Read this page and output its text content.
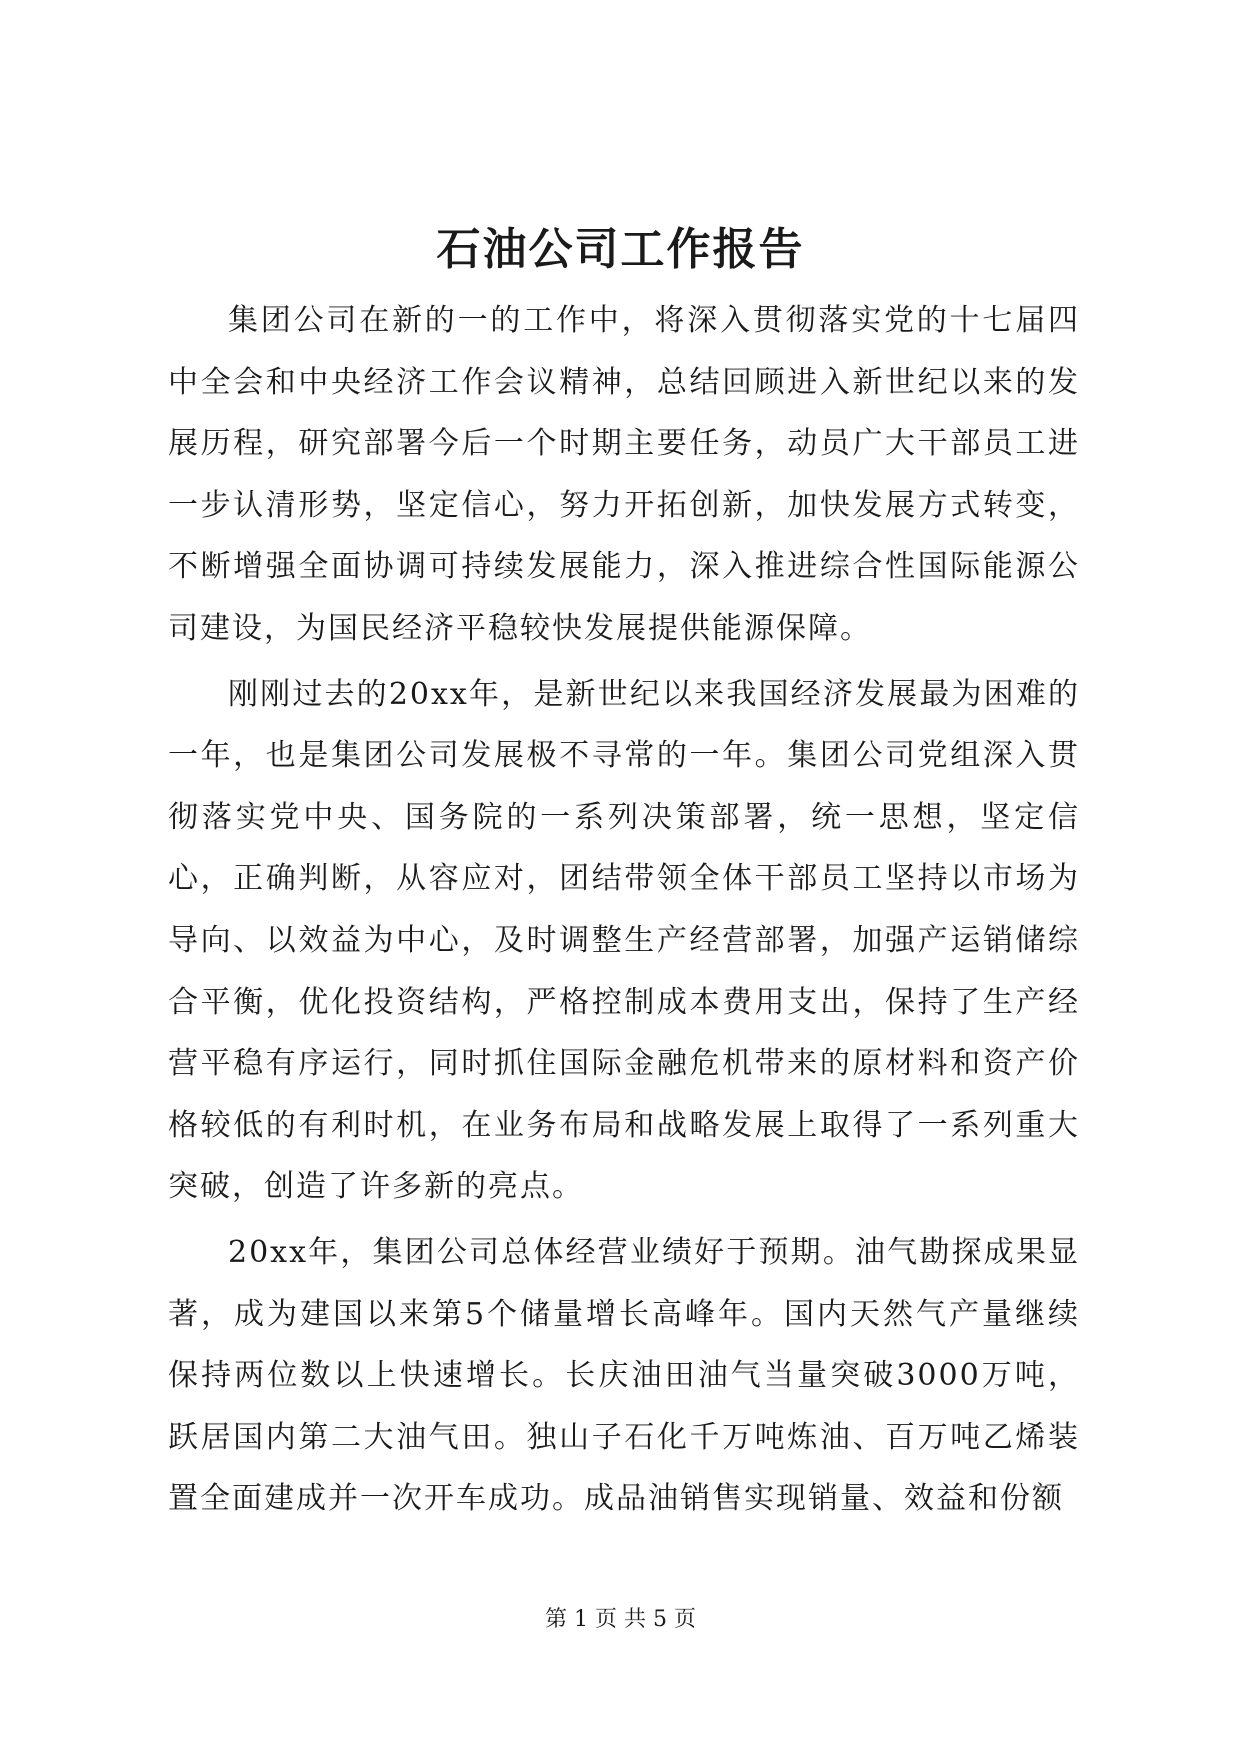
石油公司工作报告

集团公司在新的一的工作中，将深入贯彻落实党的十七届四中全会和中央经济工作会议精神，总结回顾进入新世纪以来的发展历程，研究部署今后一个时期主要任务，动员广大干部员工进一步认清形势，坚定信心，努力开拓创新，加快发展方式转变，不断增强全面协调可持续发展能力，深入推进综合性国际能源公司建设，为国民经济平稳较快发展提供能源保障。

刚刚过去的20xx年，是新世纪以来我国经济发展最为困难的一年，也是集团公司发展极不寻常的一年。集团公司党组深入贯彻落实党中央、国务院的一系列决策部署，统一思想，坚定信心，正确判断，从容应对，团结带领全体干部员工坚持以市场为导向、以效益为中心，及时调整生产经营部署，加强产运销储综合平衡，优化投资结构，严格控制成本费用支出，保持了生产经营平稳有序运行，同时抓住国际金融危机带来的原材料和资产价格较低的有利时机，在业务布局和战略发展上取得了一系列重大突破，创造了许多新的亮点。

20xx年，集团公司总体经营业绩好于预期。油气勘探成果显著，成为建国以来第5个储量增长高峰年。国内天然气产量继续保持两位数以上快速增长。长庆油田油气当量突破3000万吨，跃居国内第二大油气田。独山子石化千万吨炼油、百万吨乙烯装置全面建成并一次开车成功。成品油销售实现销量、效益和份额

第 1 页 共 5 页
